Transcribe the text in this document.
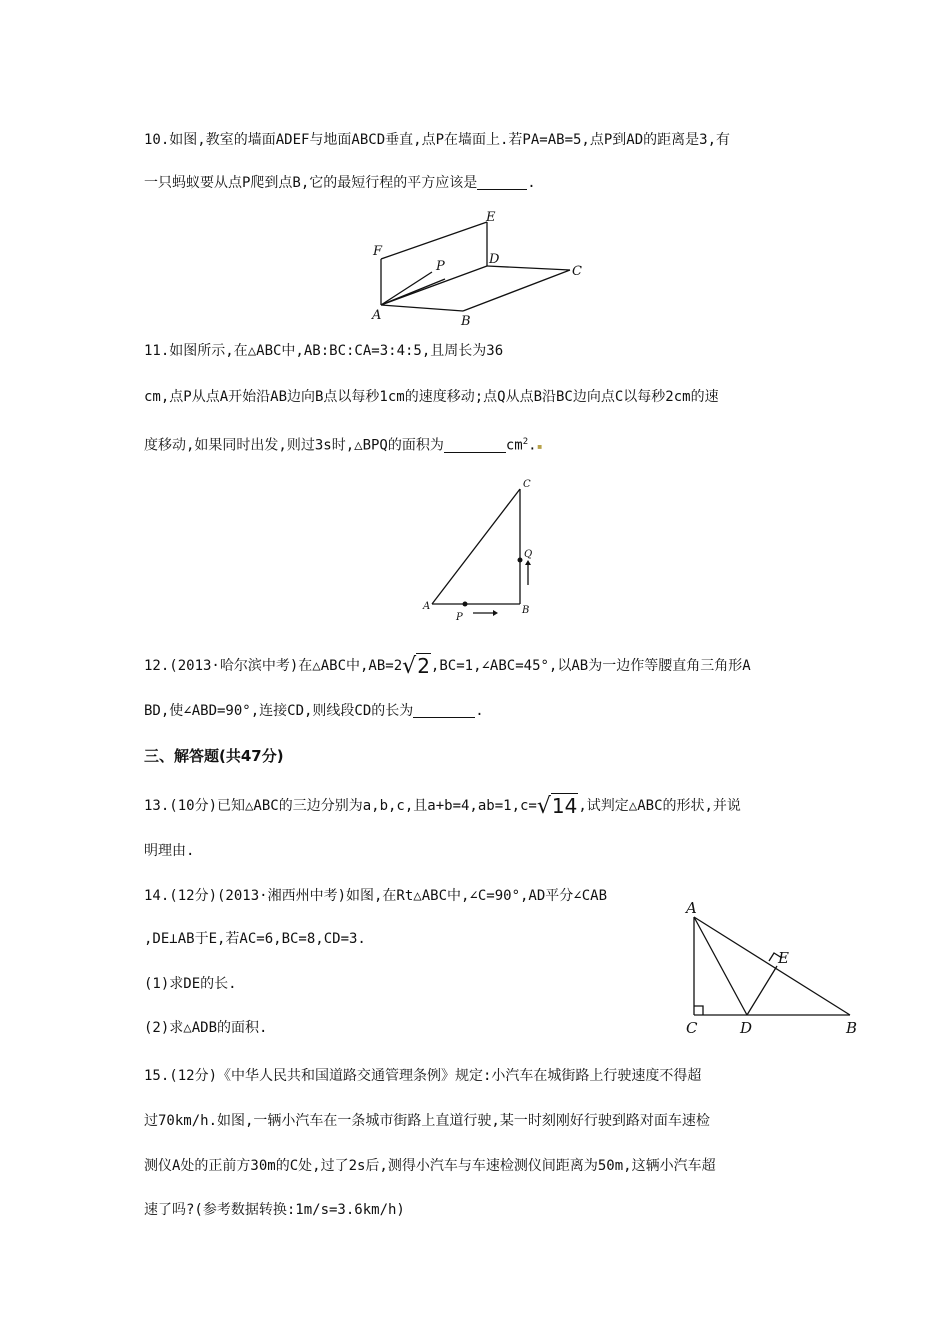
10.如图,教室的墙面ADEF与地面ABCD垂直,点P在墙面上.若PA=AB=5,点P到AD的距离是3,有
一只蚂蚁要从点P爬到点B,它的最短行程的平方应该是	.
F
E
P	D
C
A	B
11.如图所示,在△ABC中,AB:BC:CA=3:4:5,且周长为36
cm,点P从点A开始沿AB边向B点以每秒1cm的速度移动;点Q从点B沿BC边向点C以每秒2cm的速
度移动,如果同时出发,则过3s时,△BPQ的面积为	$cm^2.▪$
C
Q
A	B
P
12.(2013·哈尔滨中考)在△ABC中,AB=2√2,BC=1,∠ABC=45°,以AB为一边作等腰直角三角形A
BD,使∠ABD=90°,连接CD,则线段CD的长为	.
三、解答题(共47分)
13.(10分)已知△ABC的三边分别为a,b,c,且a+b=4,ab=1,c=√14,试判定△ABC的形状,并说
明理由.
14.(12分)(2013·湘西州中考)如图,在Rt△ABC中,∠C=90°,AD平分∠CAB
,DE⊥AB于E,若AC=6,BC=8,CD=3.
(1)求DE的长.
(2)求△ADB的面积.
A
E
C	D	B
15.(12分)《中华人民共和国道路交通管理条例》规定:小汽车在城街路上行驶速度不得超
过70km/h.如图,一辆小汽车在一条城市街路上直道行驶,某一时刻刚好行驶到路对面车速检
测仪A处的正前方30m的C处,过了2s后,测得小汽车与车速检测仪间距离为50m,这辆小汽车超
速了吗?(参考数据转换:1m/s=3.6km/h)
